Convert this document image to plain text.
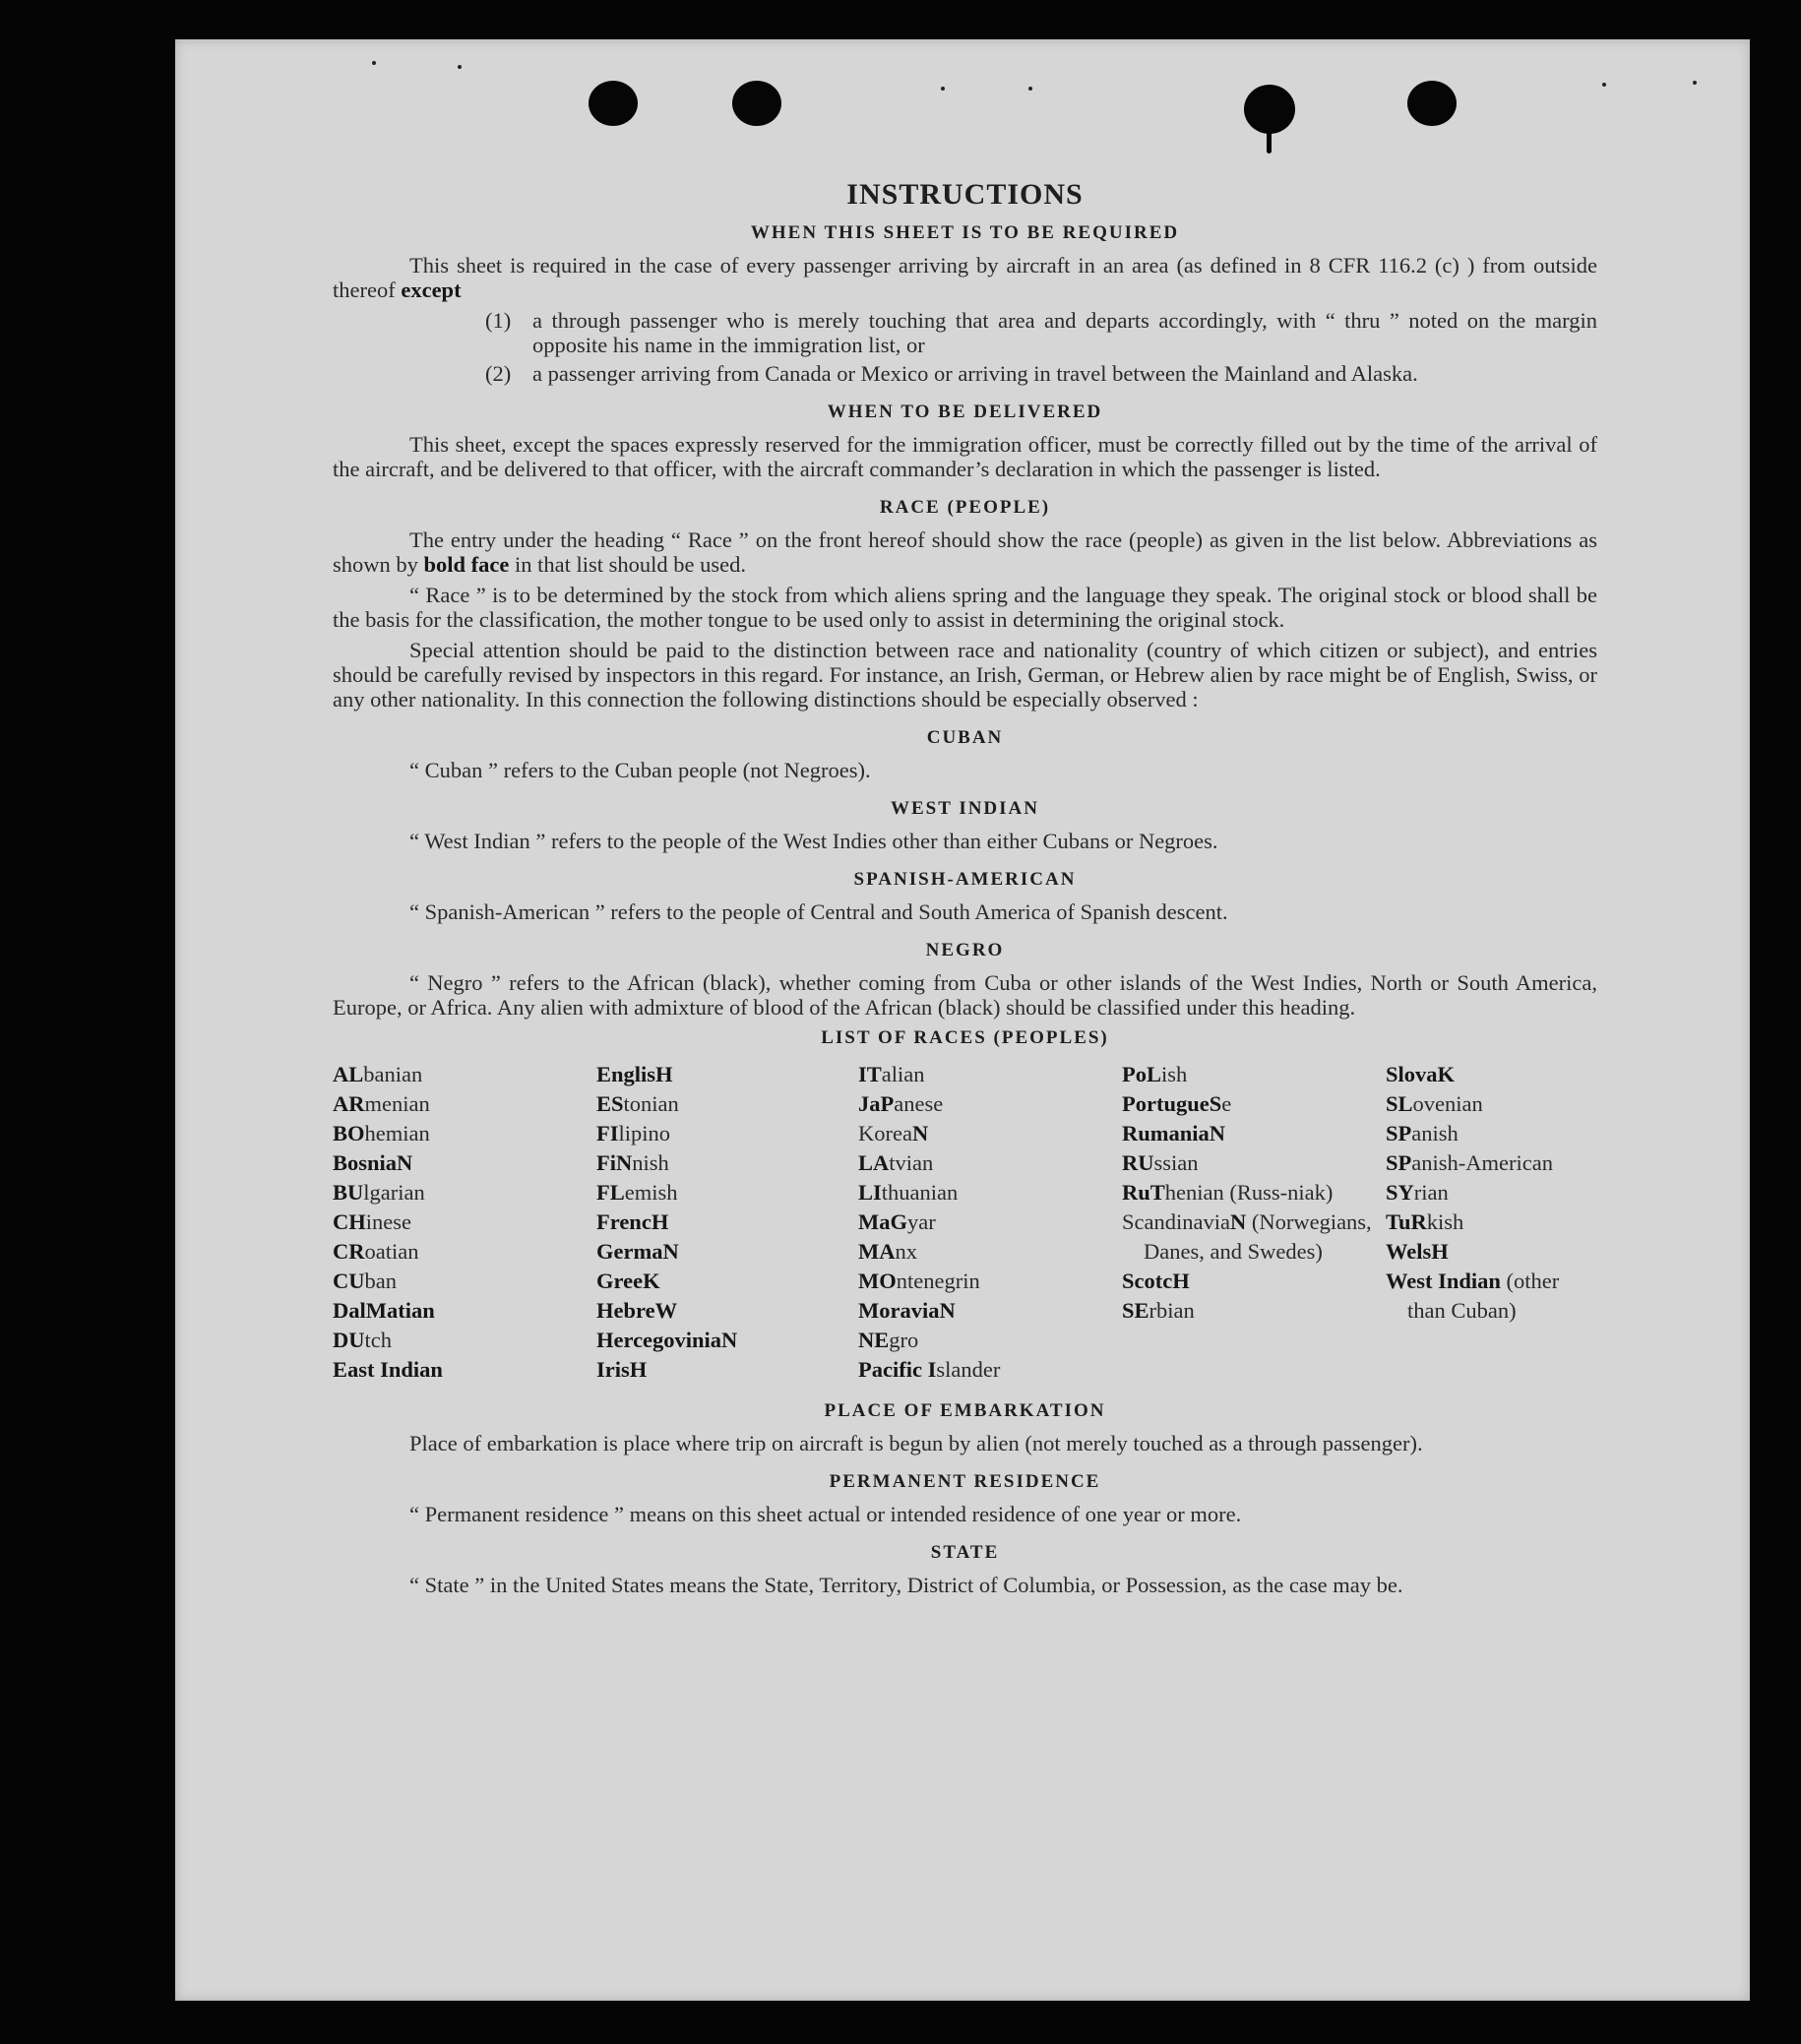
INSTRUCTIONS
WHEN THIS SHEET IS TO BE REQUIRED

This sheet is required in the case of every passenger arriving by aircraft in an area (as defined in 8 CFR 116.2 (c) ) from outside thereof except

(1) a through passenger who is merely touching that area and departs accordingly, with “ thru ” noted on the margin opposite his name in the immigration list, or
(2) a passenger arriving from Canada or Mexico or arriving in travel between the Mainland and Alaska.
WHEN TO BE DELIVERED

This sheet, except the spaces expressly reserved for the immigration officer, must be correctly filled out by the time of the arrival of the aircraft, and be delivered to that officer, with the aircraft commander’s declaration in which the passenger is listed.

RACE (PEOPLE)

The entry under the heading “ Race ” on the front hereof should show the race (people) as given in the list below. Abbreviations as shown by bold face in that list should be used.

“ Race ” is to be determined by the stock from which aliens spring and the language they speak. The original stock or blood shall be the basis for the classification, the mother tongue to be used only to assist in determining the original stock.

Special attention should be paid to the distinction between race and nationality (country of which citizen or subject), and entries should be carefully revised by inspectors in this regard. For instance, an Irish, German, or Hebrew alien by race might be of English, Swiss, or any other nationality. In this connection the following distinctions should be especially observed :

CUBAN

“ Cuban ” refers to the Cuban people (not Negroes).

WEST INDIAN

“ West Indian ” refers to the people of the West Indies other than either Cubans or Negroes.

SPANISH-AMERICAN

“ Spanish-American ” refers to the people of Central and South America of Spanish descent.

NEGRO

“ Negro ” refers to the African (black), whether coming from Cuba or other islands of the West Indies, North or South America, Europe, or Africa. Any alien with admixture of blood of the African (black) should be classified under this heading.

LIST OF RACES (PEOPLES)
ALbanian
ARmenian
BOhemian
BosniaN
BUlgarian
CHinese
CRoatian
CUban
DalMatian
DUtch
East Indian
EnglisH
EStonian
FIlipino
FiNnish
FLemish
FrencH
GermaN
GreeK
HebreW
HercegoviniaN
IrisH
ITalian
JaPanese
KoreaN
LAtvian
LIthuanian
MaGyar
MAnx
MOntenegrin
MoraviaN
NEgro
Pacific Islander
PoLish
PortugueSe
RumaniaN
RUssian
RuThenian (Russ-niak)
ScandinaviaN (Norwegians, Danes, and Swedes)
ScotcH
SErbian
SlovaK
SLovenian
SPanish
SPanish-American
SYrian
TuRkish
WelsH
West Indian (other than Cuban)
PLACE OF EMBARKATION

Place of embarkation is place where trip on aircraft is begun by alien (not merely touched as a through passenger).

PERMANENT RESIDENCE

“ Permanent residence ” means on this sheet actual or intended residence of one year or more.

STATE

“ State ” in the United States means the State, Territory, District of Columbia, or Possession, as the case may be.
